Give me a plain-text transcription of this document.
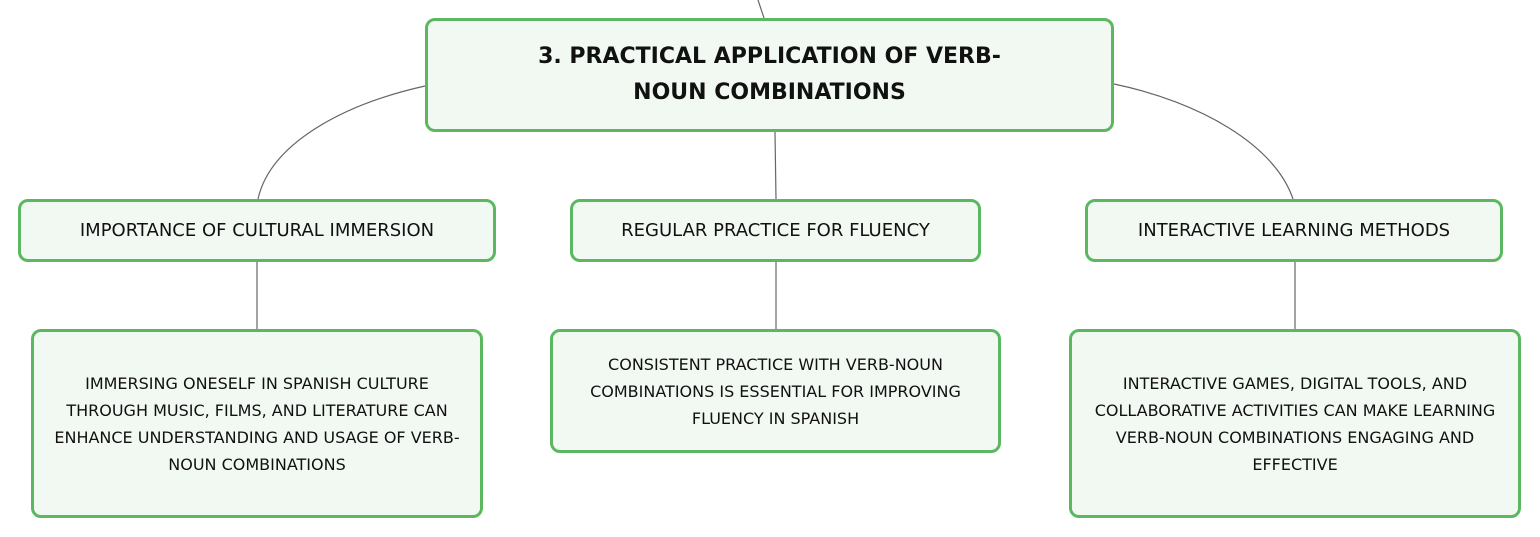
3. PRACTICAL APPLICATION OF VERB-NOUN COMBINATIONS
IMPORTANCE OF CULTURAL IMMERSION	REGULAR PRACTICE FOR FLUENCY	INTERACTIVE LEARNING METHODS
IMMERSING ONESELF IN SPANISH CULTURE THROUGH MUSIC, FILMS, AND LITERATURE CAN ENHANCE UNDERSTANDING AND USAGE OF VERB-NOUN COMBINATIONS
CONSISTENT PRACTICE WITH VERB-NOUN COMBINATIONS IS ESSENTIAL FOR IMPROVING FLUENCY IN SPANISH
INTERACTIVE GAMES, DIGITAL TOOLS, AND COLLABORATIVE ACTIVITIES CAN MAKE LEARNING VERB-NOUN COMBINATIONS ENGAGING AND EFFECTIVE
